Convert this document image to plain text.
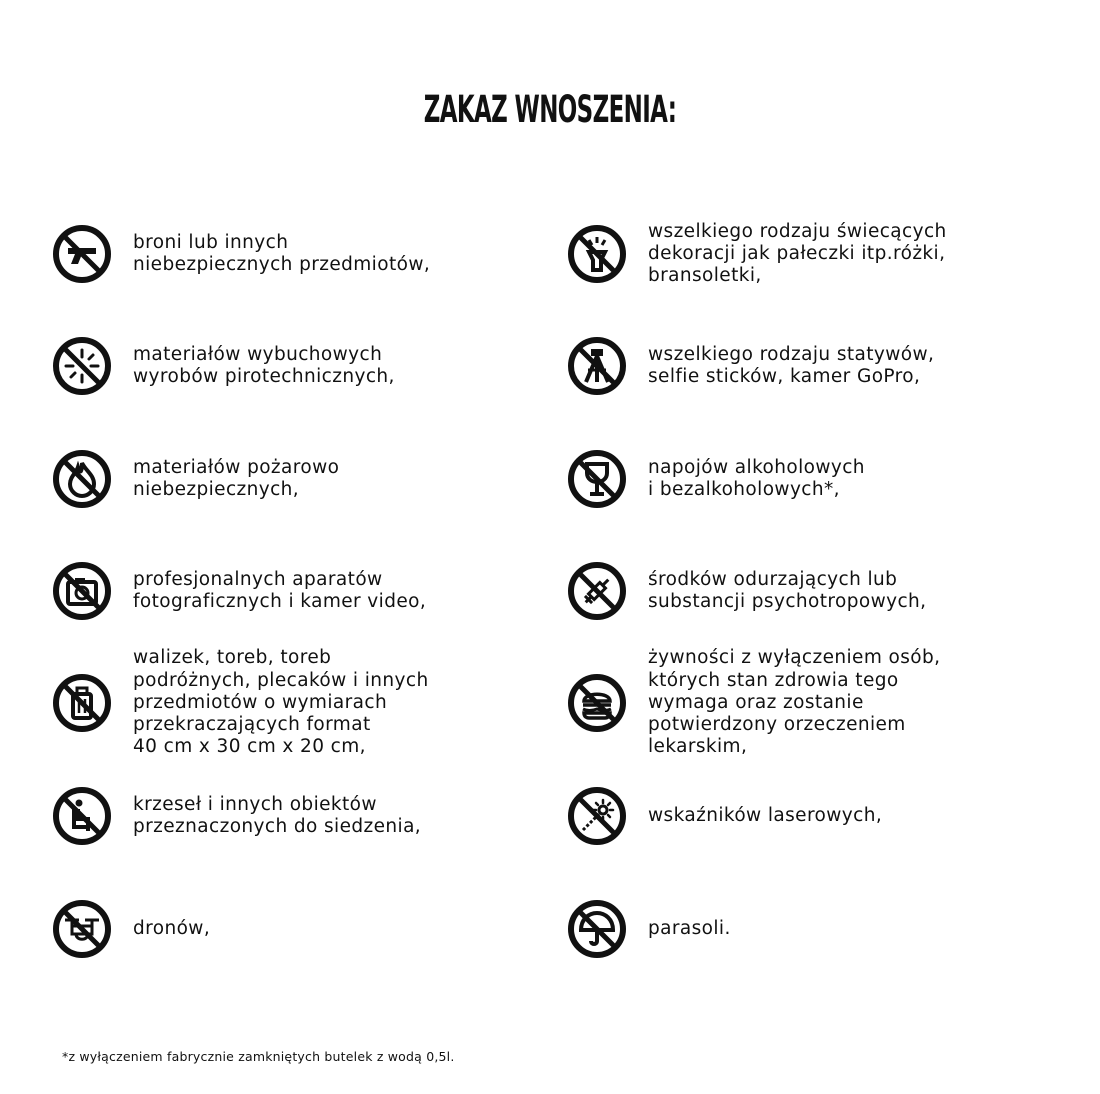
ZAKAZ WNOSZENIA:
broni lub innych
niebezpiecznych przedmiotów,
materiałów wybuchowych
wyrobów pirotechnicznych,
materiałów pożarowo
niebezpiecznych,
profesjonalnych aparatów
fotograficznych i kamer video,
walizek, toreb, toreb
podróżnych, plecaków i innych
przedmiotów o wymiarach
przekraczających format
40 cm x 30 cm x 20 cm,
krzeseł i innych obiektów
przeznaczonych do siedzenia,
dronów,
wszelkiego rodzaju świecących
dekoracji jak pałeczki itp.różki,
bransoletki,
wszelkiego rodzaju statywów,
selfie sticków, kamer GoPro,
napojów alkoholowych
i bezalkoholowych*,
środków odurzających lub
substancji psychotropowych,
żywności z wyłączeniem osób,
których stan zdrowia tego
wymaga oraz zostanie
potwierdzony orzeczeniem
lekarskim,
wskaźników laserowych,
parasoli.
*z wyłączeniem fabrycznie zamkniętych butelek z wodą 0,5l.
